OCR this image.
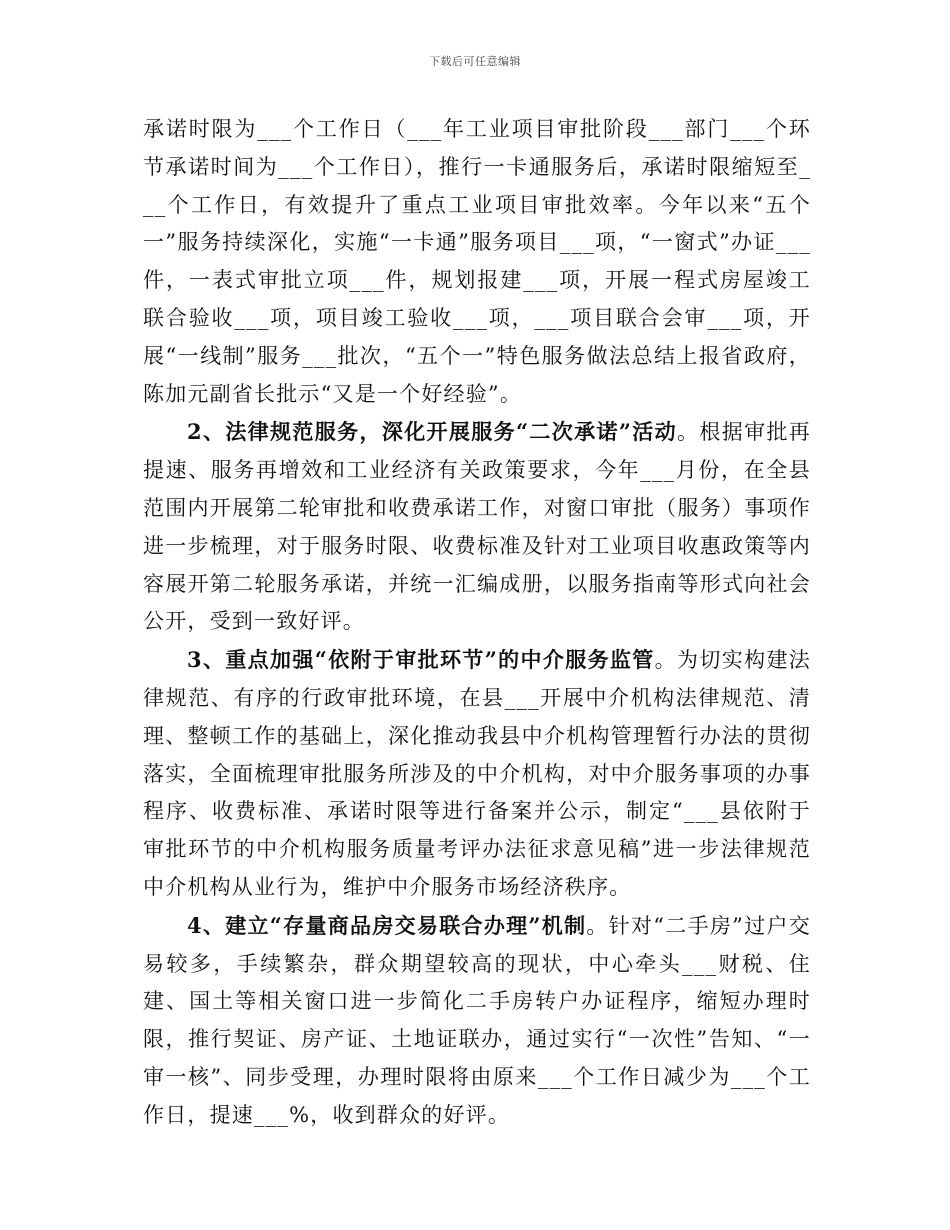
下载后可任意编辑

承诺时限为___个工作日（___年工业项目审批阶段___部门___个环节承诺时间为___个工作日），推行一卡通服务后，承诺时限缩短至___个工作日，有效提升了重点工业项目审批效率。今年以来“五个一”服务持续深化，实施“一卡通”服务项目___项，“一窗式”办证___件，一表式审批立项___件，规划报建___项，开展一程式房屋竣工联合验收___项，项目竣工验收___项，___项目联合会审___项，开展“一线制”服务___批次，“五个一”特色服务做法总结上报省政府，陈加元副省长批示“又是一个好经验”。

2、法律规范服务，深化开展服务“二次承诺”活动。根据审批再提速、服务再增效和工业经济有关政策要求，今年___月份，在全县范围内开展第二轮审批和收费承诺工作，对窗口审批（服务）事项作进一步梳理，对于服务时限、收费标准及针对工业项目收惠政策等内容展开第二轮服务承诺，并统一汇编成册，以服务指南等形式向社会公开，受到一致好评。

3、重点加强“依附于审批环节”的中介服务监管。为切实构建法律规范、有序的行政审批环境，在县___开展中介机构法律规范、清理、整顿工作的基础上，深化推动我县中介机构管理暂行办法的贯彻落实，全面梳理审批服务所涉及的中介机构，对中介服务事项的办事程序、收费标准、承诺时限等进行备案并公示，制定“___县依附于审批环节的中介机构服务质量考评办法征求意见稿”进一步法律规范中介机构从业行为，维护中介服务市场经济秩序。

4、建立“存量商品房交易联合办理”机制。针对“二手房”过户交易较多，手续繁杂，群众期望较高的现状，中心牵头___财税、住建、国土等相关窗口进一步简化二手房转户办证程序，缩短办理时限，推行契证、房产证、土地证联办，通过实行“一次性”告知、“一审一核”、同步受理，办理时限将由原来___个工作日减少为___个工作日，提速___%，收到群众的好评。
